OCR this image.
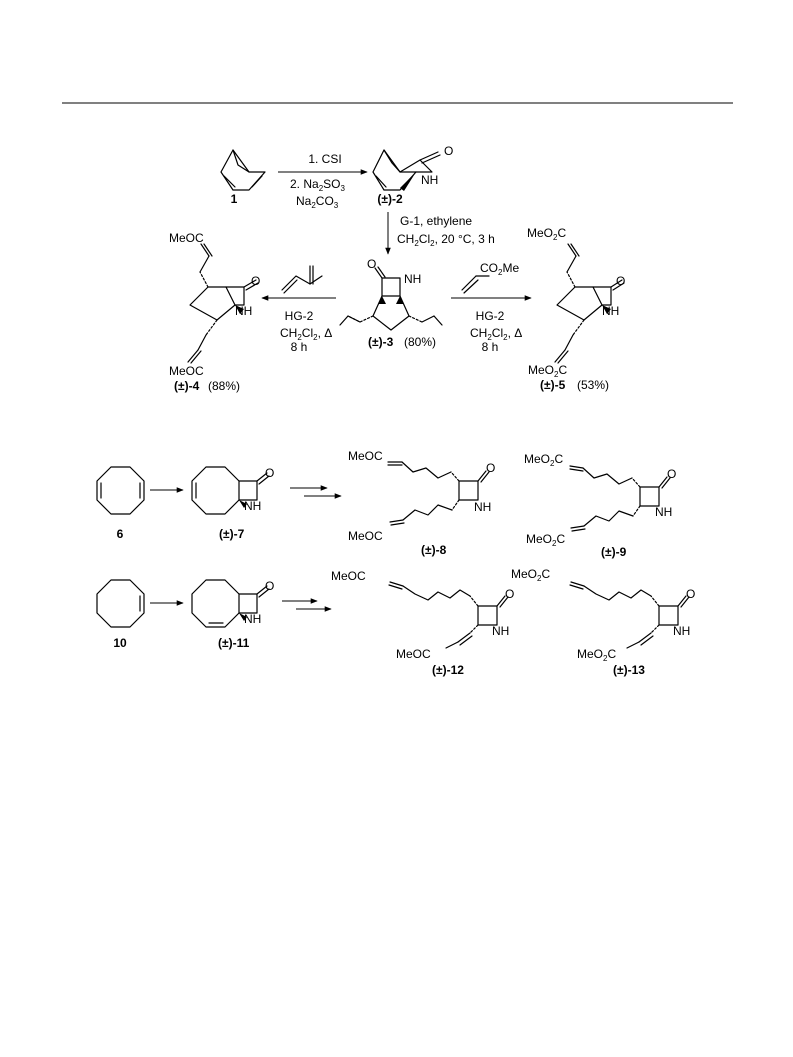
1
1. CSI
2. $Na_2SO_3$
$Na_2CO_3$
O
NH
(±)-2
G-1, ethylene
$CH_2Cl_2$, 20 °C, 3 h
O
NH
(±)-3 (80%)
HG-2
$CH_2Cl_2$, Δ
8 h
MeOC
MeOC
O
NH
(±)-4 (88%)
$CO_2Me$
HG-2
$CH_2Cl_2$, Δ
8 h
MeO$_2$C
MeO$_2$C
O
NH
(±)-5 (53%)
6
O
NH
(±)-7
MeOC
MeOC
O
NH
(±)-8
MeO$_2$C
MeO$_2$C
O
NH
(±)-9
10
O
NH
(±)-11
MeOC
MeOC
O
NH
(±)-12
MeO$_2$C
MeO$_2$C
O
NH
(±)-13
